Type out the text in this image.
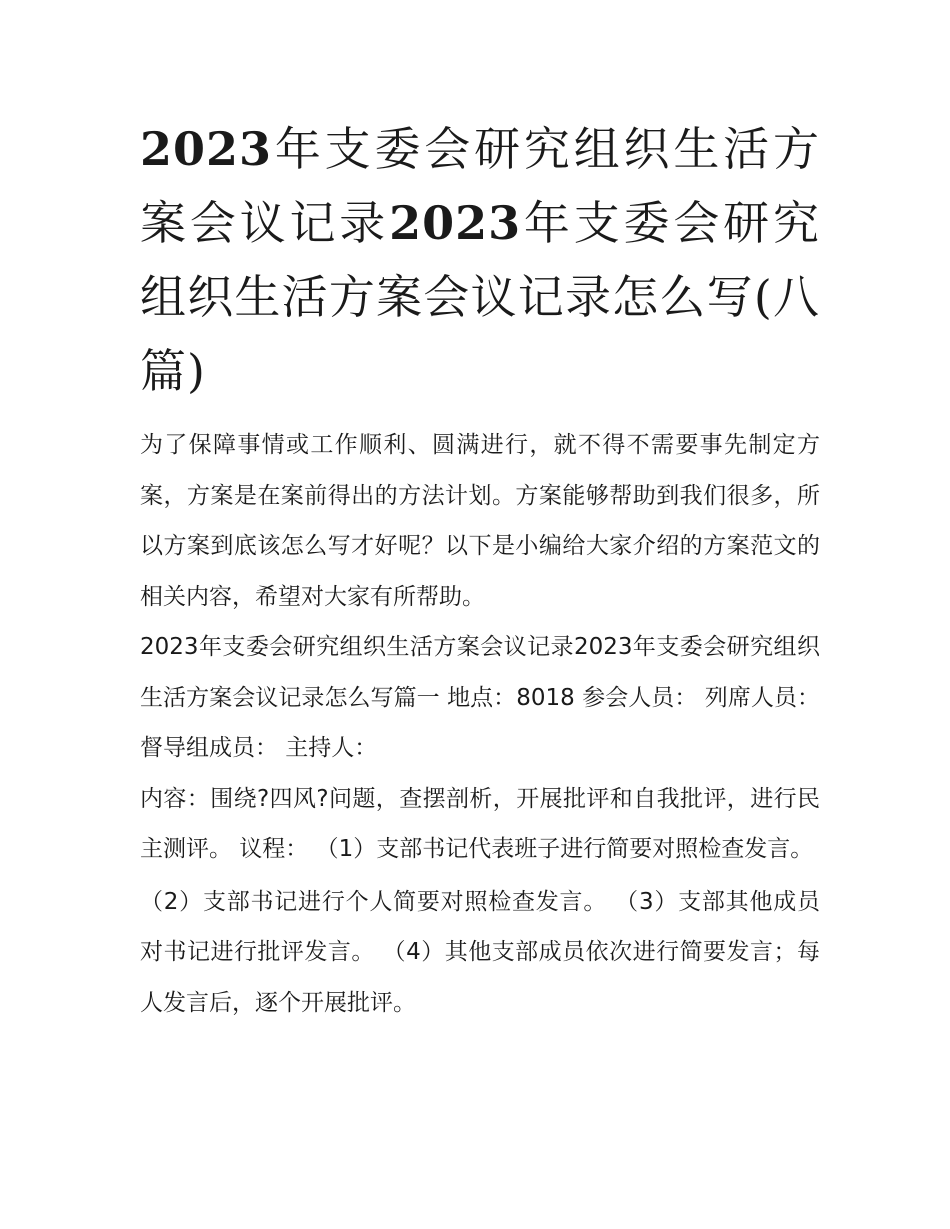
2023年支委会研究组织生活方案会议记录2023年支委会研究组织生活方案会议记录怎么写(八篇)

为了保障事情或工作顺利、圆满进行，就不得不需要事先制定方案，方案是在案前得出的方法计划。方案能够帮助到我们很多，所以方案到底该怎么写才好呢？以下是小编给大家介绍的方案范文的相关内容，希望对大家有所帮助。

2023年支委会研究组织生活方案会议记录2023年支委会研究组织生活方案会议记录怎么写篇一 地点：8018 参会人员： 列席人员： 督导组成员： 主持人：

内容：围绕?四风?问题，查摆剖析，开展批评和自我批评，进行民主测评。 议程： （1）支部书记代表班子进行简要对照检查发言。

（2）支部书记进行个人简要对照检查发言。 （3）支部其他成员对书记进行批评发言。 （4）其他支部成员依次进行简要发言；每人发言后，逐个开展批评。
